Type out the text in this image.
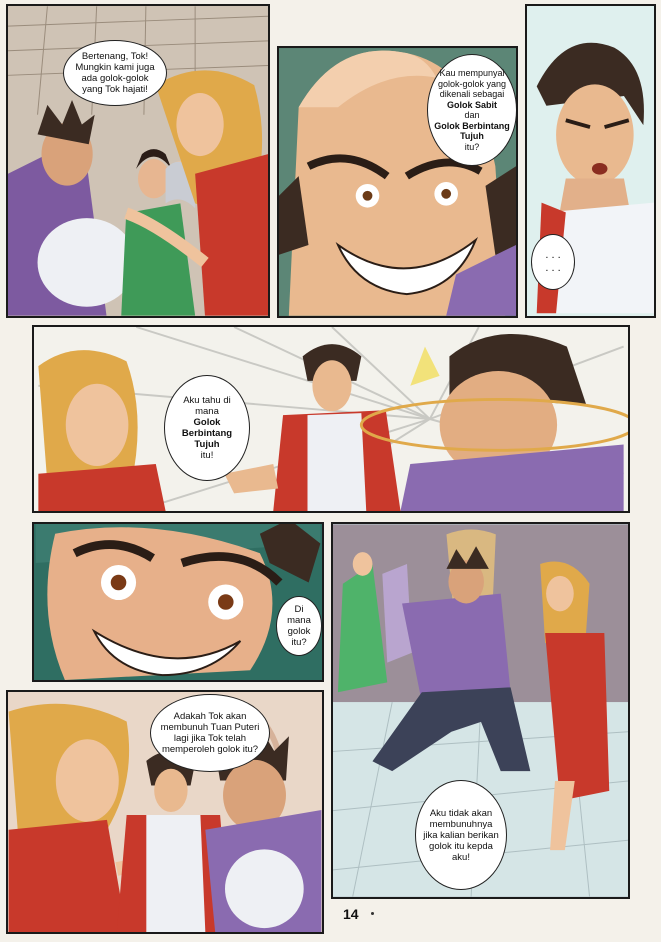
Bertenang, Tok! Mungkin kami juga ada golok-golok yang Tok hajati!
Kau mempunyai golok-golok yang dikenali sebagai
Golok Sabit
dan
Golok Berbintang Tujuh
itu?
. . .
. . .
Aku tahu di mana
Golok Berbintang Tujuh
itu!
Di mana golok itu?
Aku tidak akan membunuhnya jika kalian berikan golok itu kepda aku!
Adakah Tok akan membunuh Tuan Puteri lagi jika Tok telah memperoleh golok itu?
14
